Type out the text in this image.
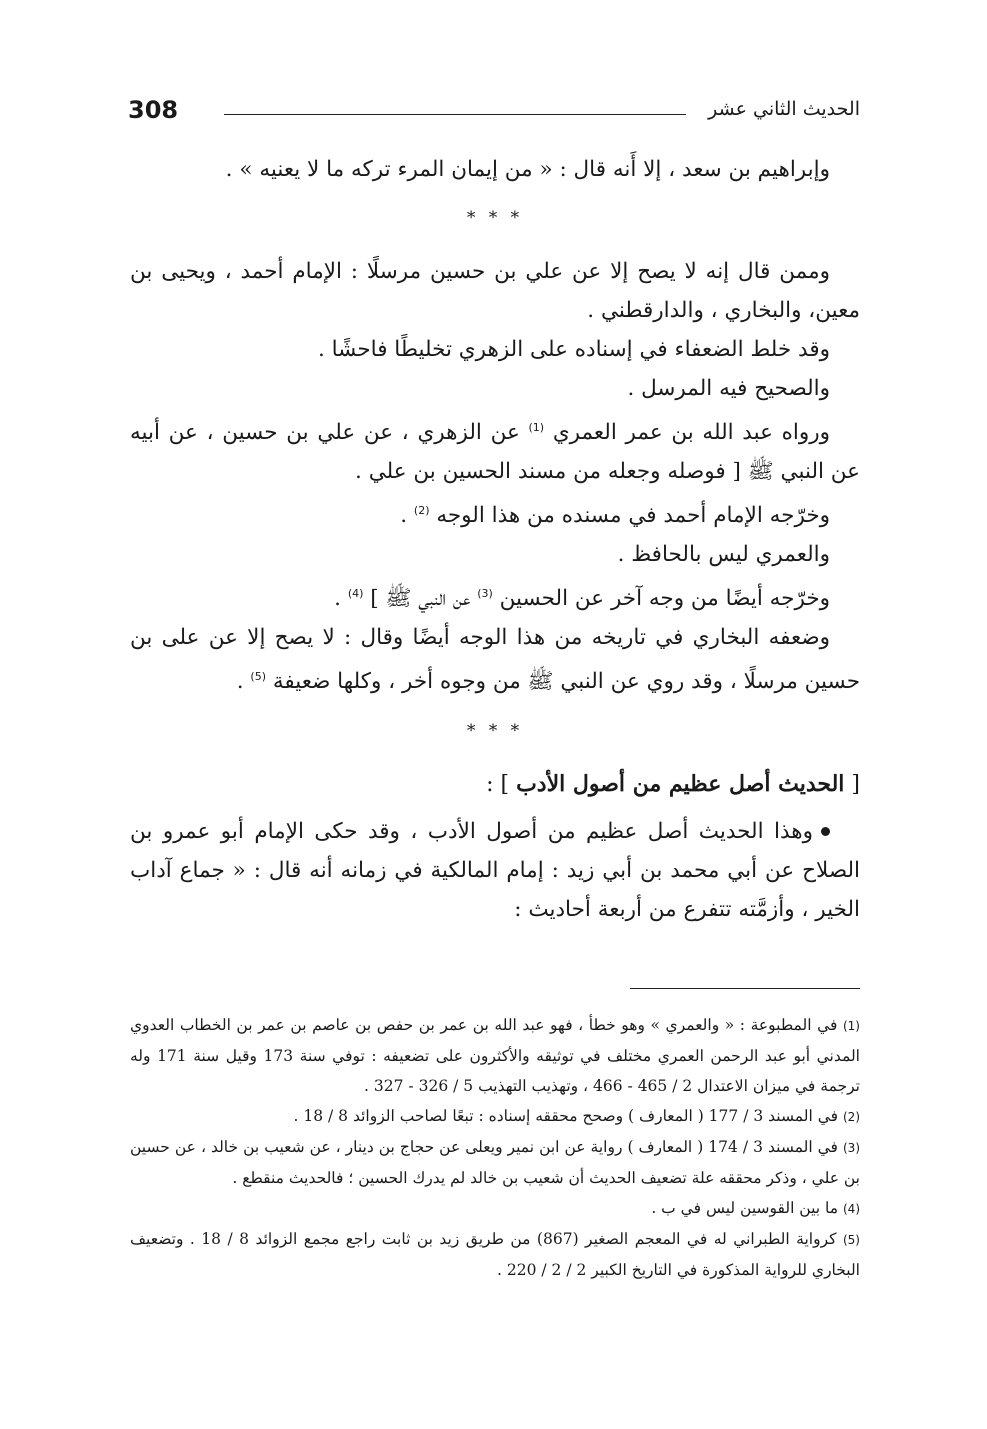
308	الحديث الثاني عشر

وإبراهيم بن سعد ، إلا أَنه قال : « من إيمان المرء تركه ما لا يعنيه » .

* * *

وممن قال إنه لا يصح إلا عن علي بن حسين مرسلًا : الإمام أحمد ، ويحيى بن معين، والبخاري ، والدارقطني .

وقد خلط الضعفاء في إسناده على الزهري تخليطًا فاحشًا .

والصحيح فيه المرسل .

ورواه عبد الله بن عمر العمري $^{(1)}$ عن الزهري ، عن علي بن حسين ، عن أبيه عن النبي ﷺ [ فوصله وجعله من مسند الحسين بن علي .

وخرّجه الإمام أحمد في مسنده من هذا الوجه $^{(2)}$ .

والعمري ليس بالحافظ .

وخرّجه أيضًا من وجه آخر عن الحسين $^{(3)}$ عن النبي ﷺ ] $^{(4)}$ .

وضعفه البخاري في تاريخه من هذا الوجه أيضًا وقال : لا يصح إلا عن على بن حسين مرسلًا ، وقد روي عن النبي ﷺ من وجوه أخر ، وكلها ضعيفة $^{(5)}$ .

* * *

[ الحديث أصل عظيم من أصول الأدب ] :

وهذا الحديث أصل عظيم من أصول الأدب ، وقد حكى الإمام أبو عمرو بن الصلاح عن أبي محمد بن أبي زيد : إمام المالكية في زمانه أنه قال : « جماع آداب الخير ، وأزمَّته تتفرع من أربعة أحاديث :

(1) في المطبوعة : « والعمري » وهو خطأ ، فهو عبد الله بن عمر بن حفص بن عاصم بن عمر بن الخطاب العدوي المدني أبو عبد الرحمن العمري مختلف في توثيقه والأكثرون على تضعيفه : توفي سنة 173 وقيل سنة 171 وله ترجمة في ميزان الاعتدال 2 / 465 - 466 ، وتهذيب التهذيب 5 / 326 - 327 .

(2) في المسند 3 / 177 ( المعارف ) وصحح محققه إسناده : تبعًا لصاحب الزوائد 8 / 18 .

(3) في المسند 3 / 174 ( المعارف ) رواية عن ابن نمير ويعلى عن حجاج بن دينار ، عن شعيب بن خالد ، عن حسين بن علي ، وذكر محققه علة تضعيف الحديث أن شعيب بن خالد لم يدرك الحسين ؛ فالحديث منقطع .

(4) ما بين القوسين ليس في ب .

(5) كرواية الطبراني له في المعجم الصغير (867) من طريق زيد بن ثابت راجع مجمع الزوائد 8 / 18 . وتضعيف البخاري للرواية المذكورة في التاريخ الكبير 2 / 2 / 220 .
